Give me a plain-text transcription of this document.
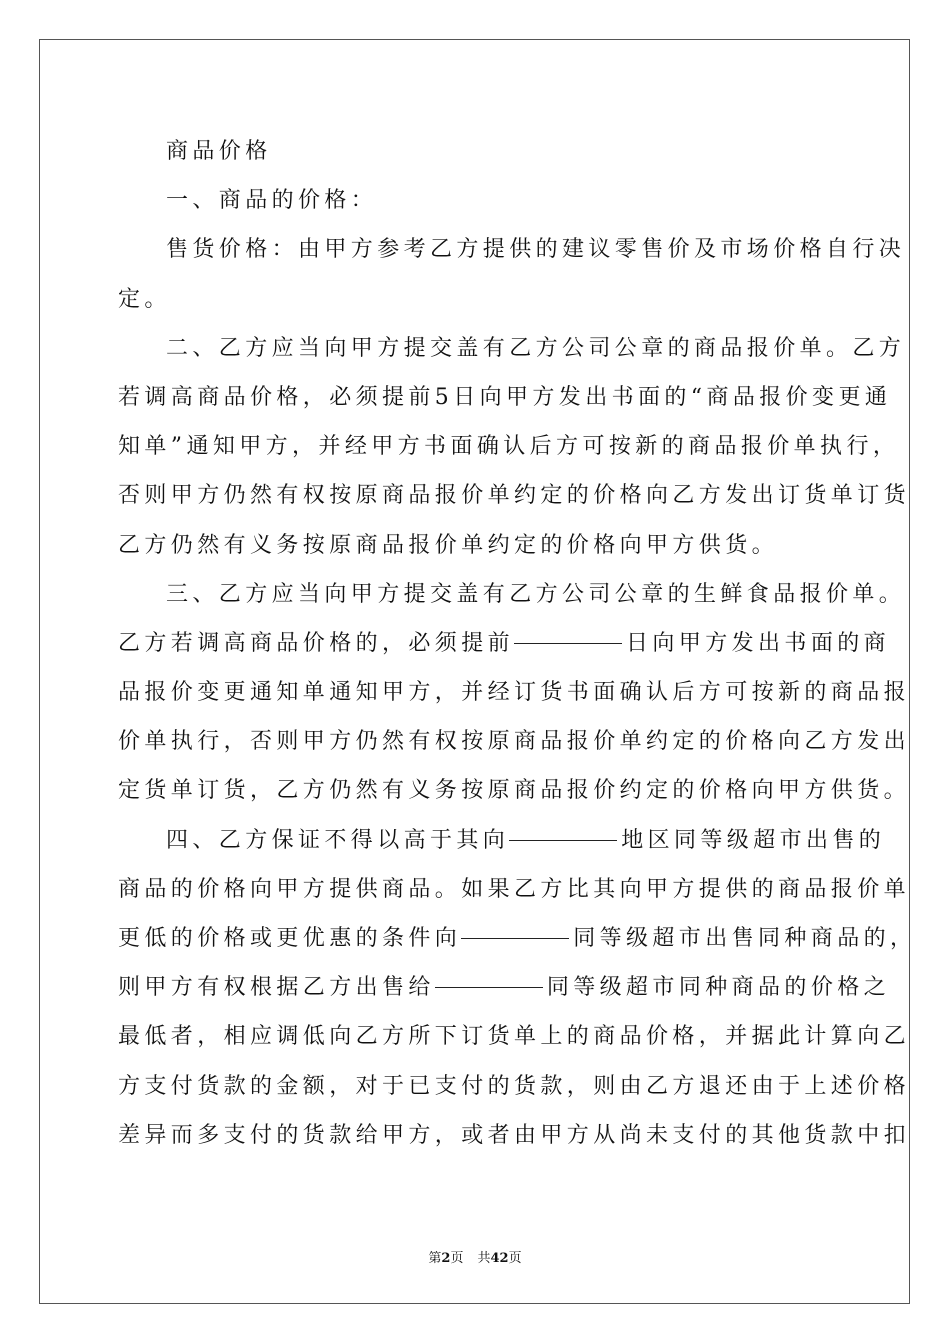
商品价格
一、商品的价格：
售货价格：由甲方参考乙方提供的建议零售价及市场价格自行决
定。
二、乙方应当向甲方提交盖有乙方公司公章的商品报价单。乙方
若调高商品价格，必须提前5日向甲方发出书面的“商品报价变更通
知单”通知甲方，并经甲方书面确认后方可按新的商品报价单执行，
否则甲方仍然有权按原商品报价单约定的价格向乙方发出订货单订货
乙方仍然有义务按原商品报价单约定的价格向甲方供货。
三、乙方应当向甲方提交盖有乙方公司公章的生鲜食品报价单。
乙方若调高商品价格的，必须提前	日向甲方发出书面的商
品报价变更通知单通知甲方，并经订货书面确认后方可按新的商品报
价单执行，否则甲方仍然有权按原商品报价单约定的价格向乙方发出
定货单订货，乙方仍然有义务按原商品报价约定的价格向甲方供货。
四、乙方保证不得以高于其向	地区同等级超市出售的
商品的价格向甲方提供商品。如果乙方比其向甲方提供的商品报价单
更低的价格或更优惠的条件向	同等级超市出售同种商品的，
则甲方有权根据乙方出售给	同等级超市同种商品的价格之
最低者，相应调低向乙方所下订货单上的商品价格，并据此计算向乙
方支付货款的金额，对于已支付的货款，则由乙方退还由于上述价格
差异而多支付的货款给甲方，或者由甲方从尚未支付的其他货款中扣
第2页 共42页
